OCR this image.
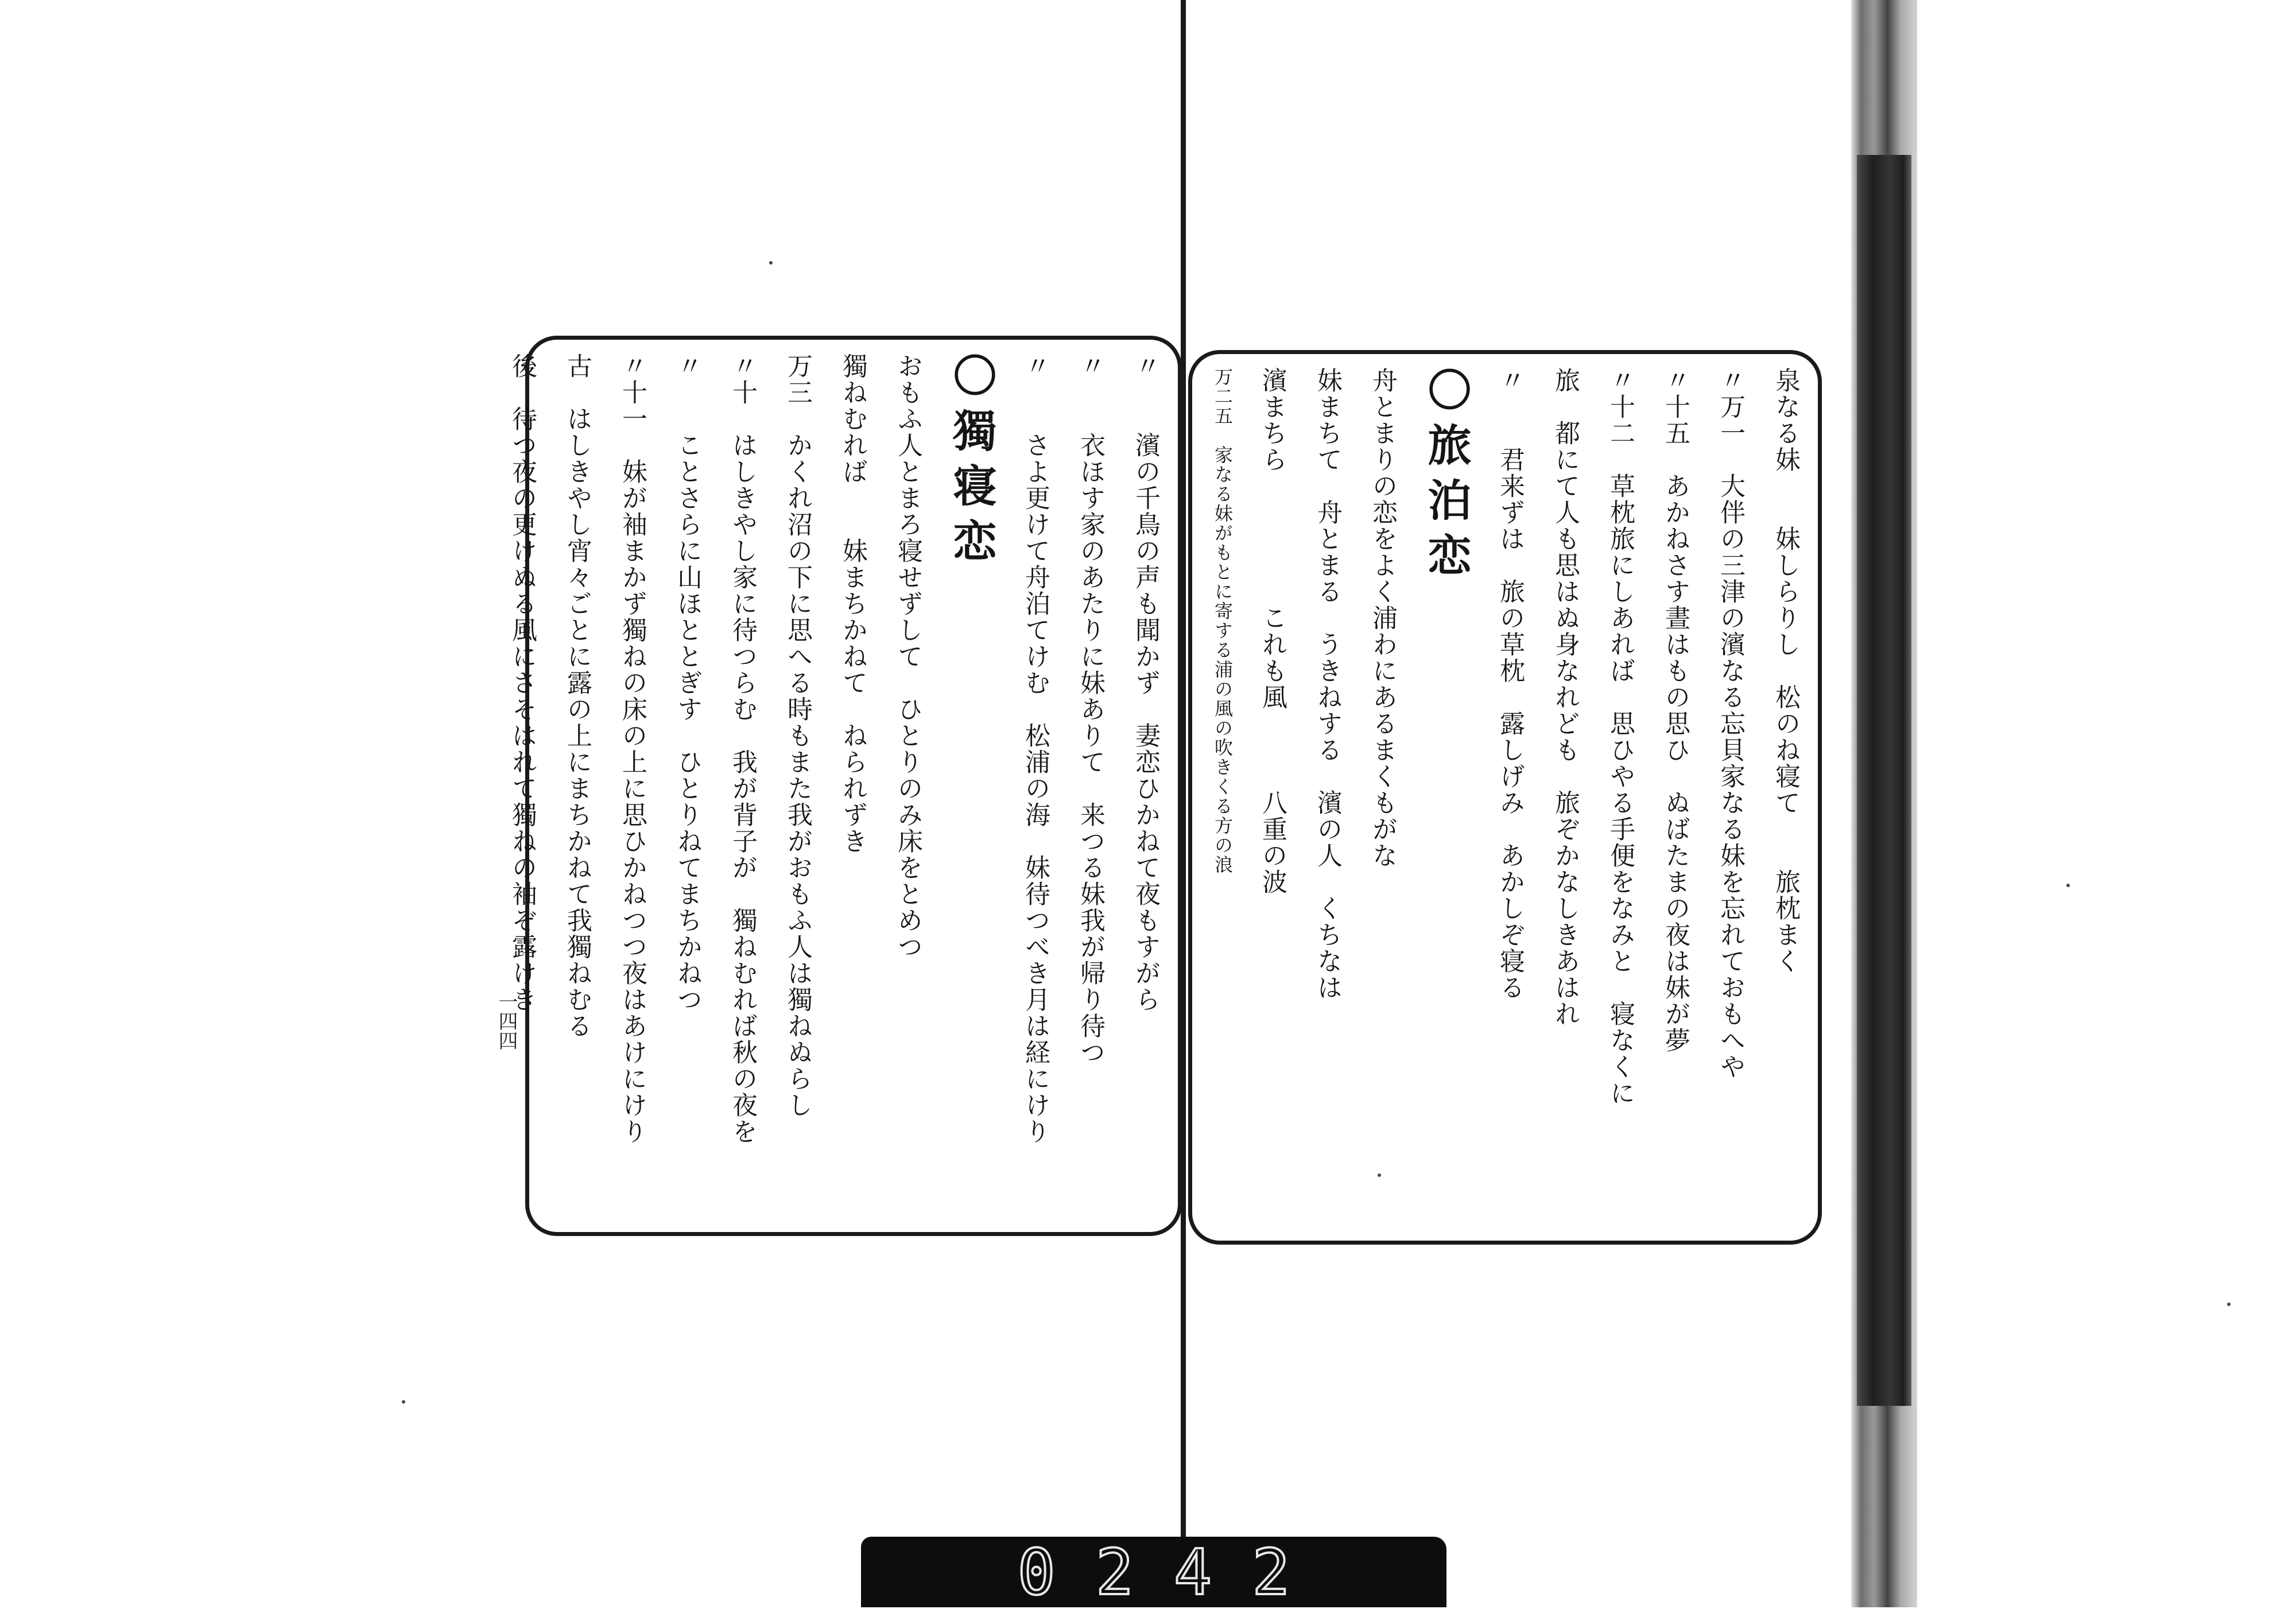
泉なる妹　　妹しらりし　松のね寝て　　旅枕まく
〃万一　大伴の三津の濱なる忘貝家なる妹を忘れておもへや
〃十五　あかねさす晝はもの思ひ　ぬばたまの夜は妹が夢
〃十二　草枕旅にしあれば　思ひやる手便をなみと　寝なくに
旅　都にて人も思はぬ身なれども　旅ぞかなしきあはれ
〃　　君来ずは　旅の草枕　露しげみ　あかしぞ寝る
〇旅泊恋
舟とまりの恋をよく浦わにあるまくもがな
妹まちて　舟とまる　うきねする　濱の人　くちなは
濱まちら　　　　　これも風　　　八重の波
万二五　家なる妹がもとに寄する浦の風の吹きくる方の浪
〃　　濱の千鳥の声も聞かず　妻恋ひかねて夜もすがら
〃　　衣ほす家のあたりに妹ありて　来つる妹我が帰り待つ
〃　　さよ更けて舟泊てけむ　松浦の海　妹待つべき月は経にけり
〇獨寝恋
おもふ人とまろ寝せずして　ひとりのみ床をとめつ
獨ねむれば　　妹まちかねて　ねられずき
万三　かくれ沼の下に思へる時もまた我がおもふ人は獨ねぬらし
〃十　はしきやし家に待つらむ　我が背子が　獨ねむれば秋の夜を
〃　　ことさらに山ほととぎす　ひとりねてまちかねつ
〃十一　妹が袖まかず獨ねの床の上に思ひかねつつ夜はあけにけり
古　はしきやし宵々ごとに露の上にまちかねて我獨ねむる
後　待つ夜の更けぬる風にさそはれて獨ねの袖ぞ露けき
一四四
0242
